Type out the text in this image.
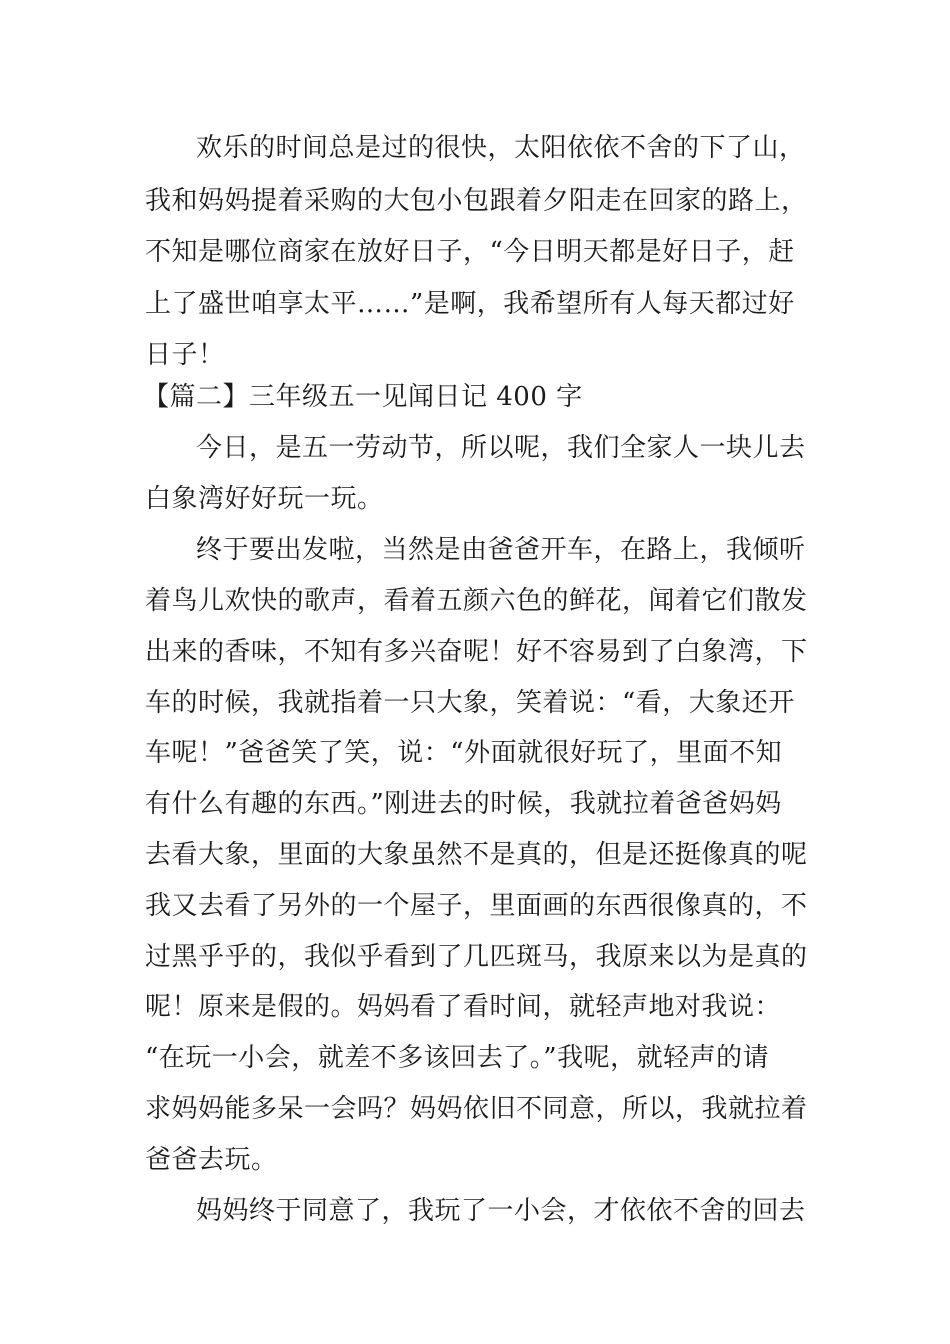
欢乐的时间总是过的很快，太阳依依不舍的下了山，
我和妈妈提着采购的大包小包跟着夕阳走在回家的路上，
不知是哪位商家在放好日子，“今日明天都是好日子，赶
上了盛世咱享太平……”是啊，我希望所有人每天都过好
日子！
【篇二】三年级五一见闻日记 400 字
今日，是五一劳动节，所以呢，我们全家人一块儿去
白象湾好好玩一玩。
终于要出发啦，当然是由爸爸开车，在路上，我倾听
着鸟儿欢快的歌声，看着五颜六色的鲜花，闻着它们散发
出来的香味，不知有多兴奋呢！好不容易到了白象湾，下
车的时候，我就指着一只大象，笑着说：“看，大象还开
车呢！”爸爸笑了笑，说：“外面就很好玩了，里面不知
有什么有趣的东西。”刚进去的时候，我就拉着爸爸妈妈
去看大象，里面的大象虽然不是真的，但是还挺像真的呢
我又去看了另外的一个屋子，里面画的东西很像真的，不
过黑乎乎的，我似乎看到了几匹斑马，我原来以为是真的
呢！原来是假的。妈妈看了看时间，就轻声地对我说：
“在玩一小会，就差不多该回去了。”我呢，就轻声的请
求妈妈能多呆一会吗？妈妈依旧不同意，所以，我就拉着
爸爸去玩。
妈妈终于同意了，我玩了一小会，才依依不舍的回去
